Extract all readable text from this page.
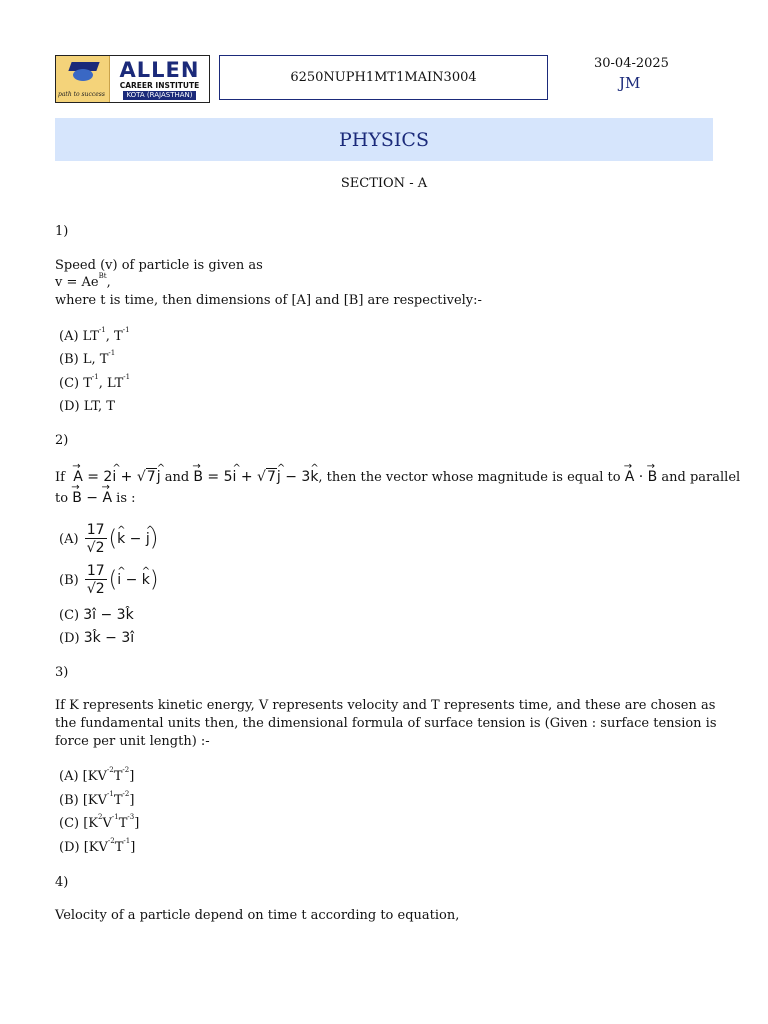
path to success
ALLEN
CAREER INSTITUTE
KOTA (RAJASTHAN)
6250NUPH1MT1MAIN3004
30-04-2025
JM
PHYSICS
SECTION - A
1)
Speed (v) of particle is given as
$v = Ae^{Bt}$,
where t is time, then dimensions of [A] and [B] are respectively:-
(A) $LT^{-1}$, $T^{-1}$
(B) L, $T^{-1}$
(C) $T^{-1}$, $LT^{-1}$
(D) LT, T
2)
If → A = 2^ i + √7^ j and → B = 5^ i + √7^ j − 3^ k, then the vector whose magnitude is equal to → A · → B and parallel
to → B − → A is :
$(A) \frac{17}{√2}$ (^ k − ^ j)
$(B) \frac{17}{√2}$ (^ i − ^ k)
(C) 3î − 3k̂
(D) 3k̂ − 3î
3)
If K represents kinetic energy, V represents velocity and T represents time, and these are chosen as
the fundamental units then, the dimensional formula of surface tension is (Given : surface tension is
force per unit length) :-
(A) $[KV^{-2}T^{-2}]$
(B) $[KV^{-1}T^{-2}]$
(C) $[K^2V^{-1}T^{-3}]$
(D) $[KV^{-2}T^{-1}]$
4)
Velocity of a particle depend on time t according to equation,
